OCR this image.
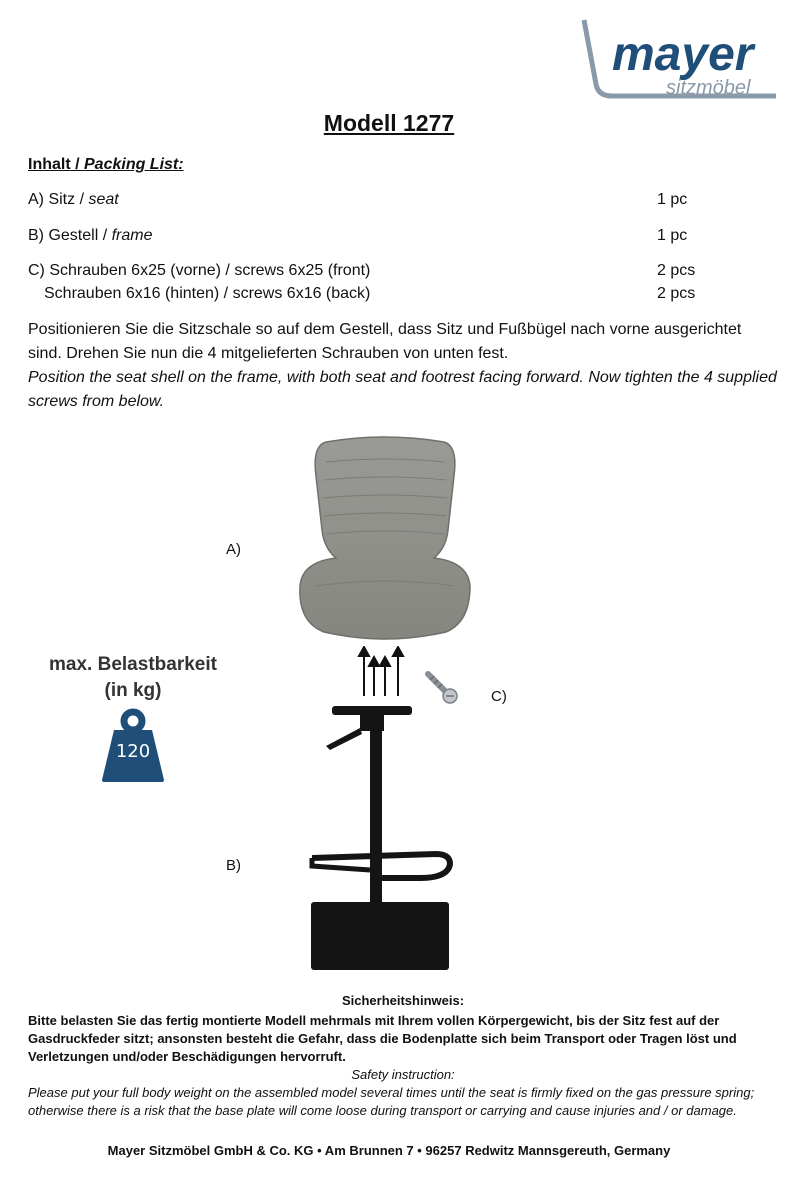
mayer
sitzmöbel
Modell 1277
Inhalt / Packing List:
A) Sitz / seat	1 pc
B) Gestell / frame	1 pc
C) Schrauben 6x25 (vorne) / screws 6x25 (front)	2 pcs
Schrauben 6x16 (hinten) / screws 6x16 (back)	2 pcs
Positionieren Sie die Sitzschale so auf dem Gestell, dass Sitz und Fußbügel nach vorne ausgerichtet sind. Drehen Sie nun die 4 mitgelieferten Schrauben von unten fest.
Position the seat shell on the frame, with both seat and footrest facing forward. Now tighten the 4 supplied screws from below.
A)
C)
B)
max. Belastbarkeit
(in kg)
120
Sicherheitshinweis:
Bitte belasten Sie das fertig montierte Modell mehrmals mit Ihrem vollen Körpergewicht, bis der Sitz fest auf der Gasdruckfeder sitzt; ansonsten besteht die Gefahr, dass die Bodenplatte sich beim Transport oder Tragen löst und Verletzungen und/oder Beschädigungen hervorruft.
Safety instruction:
Please put your full body weight on the assembled model several times until the seat is firmly fixed on the gas pressure spring; otherwise there is a risk that the base plate will come loose during transport or carrying and cause injuries and / or damage.
Mayer Sitzmöbel GmbH & Co. KG • Am Brunnen 7 • 96257 Redwitz Mannsgereuth, Germany
